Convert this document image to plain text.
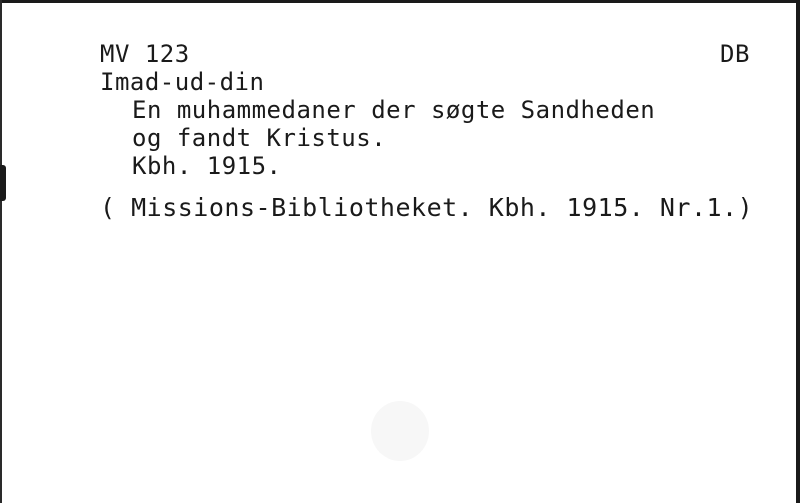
MV 123	DB
Imad-ud-din
En muhammedaner der søgte Sandheden
og fandt Kristus.
Kbh. 1915.
( Missions-Bibliotheket. Kbh. 1915. Nr.1.)
